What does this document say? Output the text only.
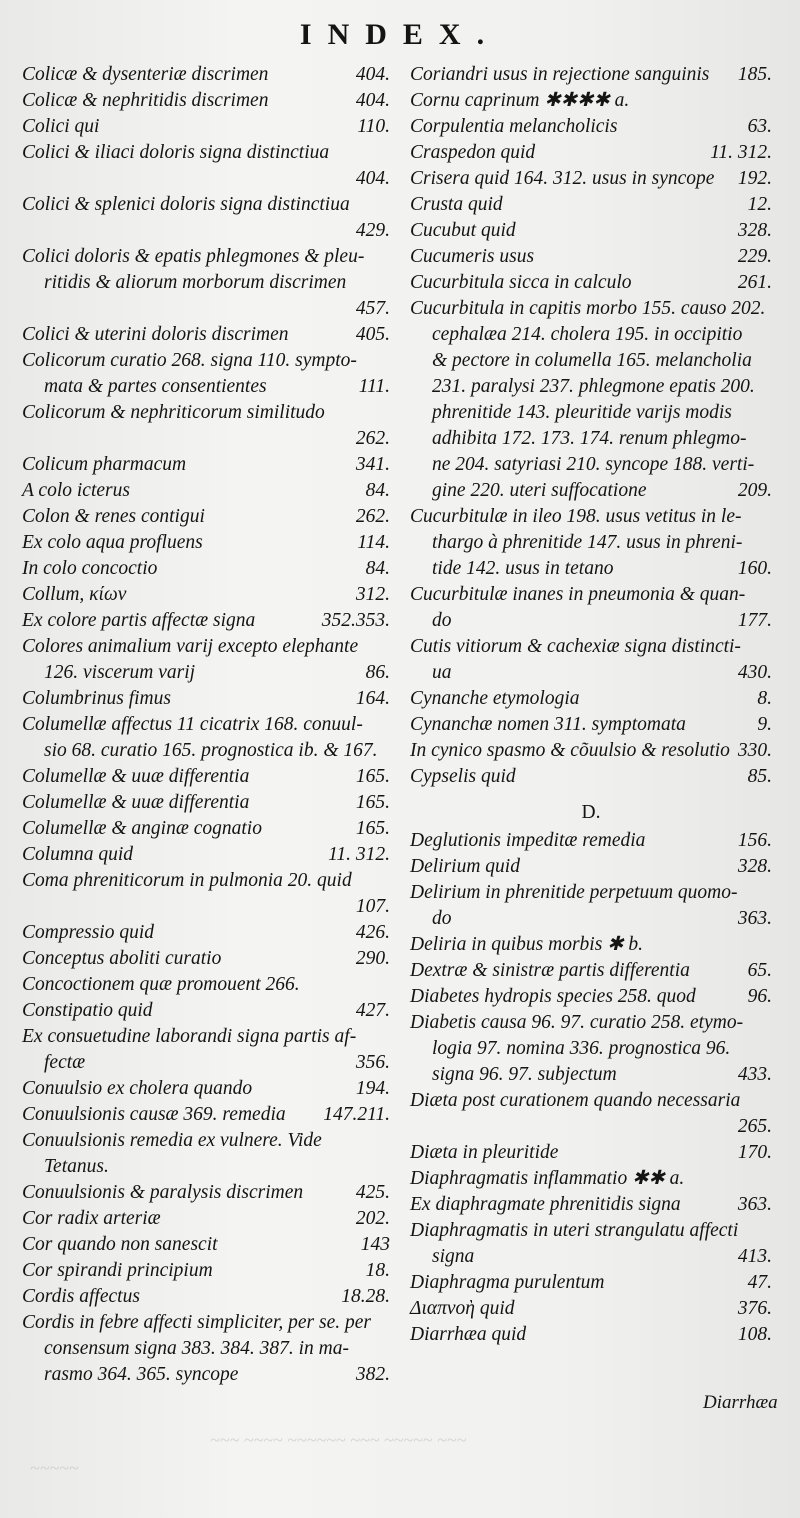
~~~ ~~~~ ~~~~~~ ~~~ ~~~~~ ~~~
~~~~~
INDEX.
404.
Colicæ & dysenteriæ discrimen
404.
Colicæ & nephritidis discrimen
110.
Colici qui
Colici & iliaci doloris signa distinctiua
404.
Colici & splenici doloris signa distinctiua
429.
Colici doloris & epatis phlegmones & pleu-
ritidis & aliorum morborum discrimen
457.
405.
Colici & uterini doloris discrimen
Colicorum curatio 268. signa 110. sympto-
111.
mata & partes consentientes
Colicorum & nephriticorum similitudo
262.
341.
Colicum pharmacum
84.
A colo icterus
262.
Colon & renes contigui
114.
Ex colo aqua profluens
84.
In colo concoctio
312.
Collum, κίων
352.353.
Ex colore partis affectæ signa
Colores animalium varij excepto elephante
86.
126. viscerum varij
164.
Columbrinus fimus
Columellæ affectus 11 cicatrix 168. conuul-
sio 68. curatio 165. prognostica ib. & 167.
165.
Columellæ & uuæ differentia
165.
Columellæ & uuæ differentia
165.
Columellæ & anginæ cognatio
11. 312.
Columna quid
Coma phreniticorum in pulmonia 20. quid
107.
426.
Compressio quid
290.
Conceptus aboliti curatio
Concoctionem quæ promouent 266.
427.
Constipatio quid
Ex consuetudine laborandi signa partis af-
356.
fectæ
194.
Conuulsio ex cholera quando
147.211.
Conuulsionis causæ 369. remedia
Conuulsionis remedia ex vulnere. Vide
Tetanus.
425.
Conuulsionis & paralysis discrimen
202.
Cor radix arteriæ
143
Cor quando non sanescit
18.
Cor spirandi principium
18.28.
Cordis affectus
Cordis in febre affecti simpliciter, per se. per
consensum signa 383. 384. 387. in ma-
382.
rasmo 364. 365. syncope
185.
Coriandri usus in rejectione sanguinis
Cornu caprinum ✱✱✱✱ a.
63.
Corpulentia melancholicis
11. 312.
Craspedon quid
192.
Crisera quid 164. 312. usus in syncope
12.
Crusta quid
328.
Cucubut quid
229.
Cucumeris usus
261.
Cucurbitula sicca in calculo
Cucurbitula in capitis morbo 155. causo 202.
cephalæa 214. cholera 195. in occipitio
& pectore in columella 165. melancholia
231. paralysi 237. phlegmone epatis 200.
phrenitide 143. pleuritide varijs modis
adhibita 172. 173. 174. renum phlegmo-
ne 204. satyriasi 210. syncope 188. verti-
209.
gine 220. uteri suffocatione
Cucurbitulæ in ileo 198. usus vetitus in le-
thargo à phrenitide 147. usus in phreni-
160.
tide 142. usus in tetano
Cucurbitulæ inanes in pneumonia & quan-
177.
do
Cutis vitiorum & cachexiæ signa distincti-
430.
ua
8.
Cynanche etymologia
9.
Cynanchæ nomen 311. symptomata
330.
In cynico spasmo & cõuulsio & resolutio
85.
Cypselis quid
D.
156.
Deglutionis impeditæ remedia
328.
Delirium quid
Delirium in phrenitide perpetuum quomo-
363.
do
Deliria in quibus morbis ✱ b.
65.
Dextræ & sinistræ partis differentia
96.
Diabetes hydropis species 258. quod
Diabetis causa 96. 97. curatio 258. etymo-
logia 97. nomina 336. prognostica 96.
433.
signa 96. 97. subjectum
Diæta post curationem quando necessaria
265.
170.
Diæta in pleuritide
Diaphragmatis inflammatio ✱✱ a.
363.
Ex diaphragmate phrenitidis signa
Diaphragmatis in uteri strangulatu affecti
413.
signa
47.
Diaphragma purulentum
376.
Διαπνοὴ quid
108.
Diarrhæa quid
Diarrhæa
